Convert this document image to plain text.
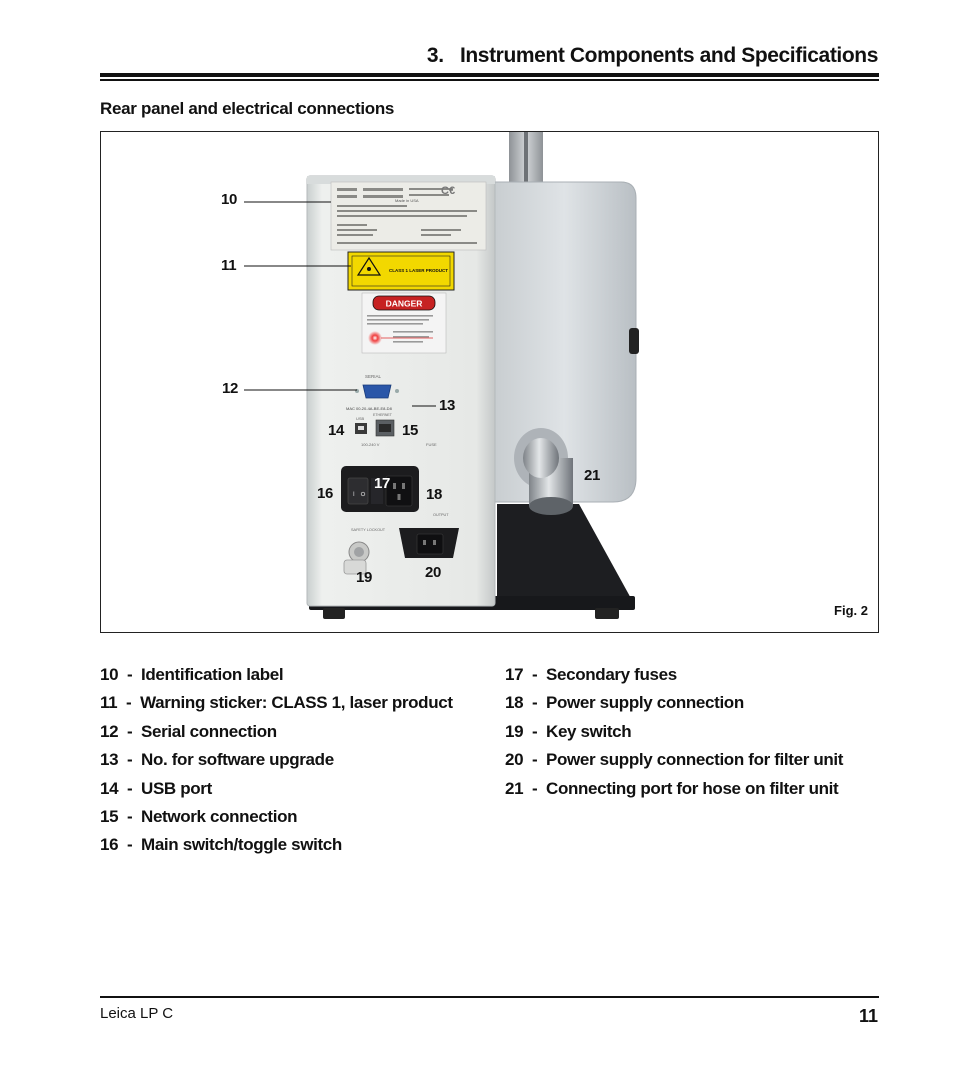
3.   Instrument Components and Specifications
Rear panel and electrical connections
C€
Made in USA
CLASS 1 LASER PRODUCT
DANGER
SERIAL
MAC 00-20-4A-BE-E8-D8
ETHERNET
USB
100-240 V	FUSE
I
SAFETY LOCKOUT
OUTPUT
10
11
12
13
14	15
16
17
18
19	20
21
Fig. 2
10  -  Identification label
11  -  Warning sticker: CLASS 1, laser product
12  -  Serial connection
13  -  No. for software upgrade
14  -  USB port
15  -  Network connection
16  -  Main switch/toggle switch
17  -  Secondary fuses
18  -  Power supply connection
19  -  Key switch
20  -  Power supply connection for filter unit
21  -  Connecting port for hose on filter unit
Leica LP C	11
